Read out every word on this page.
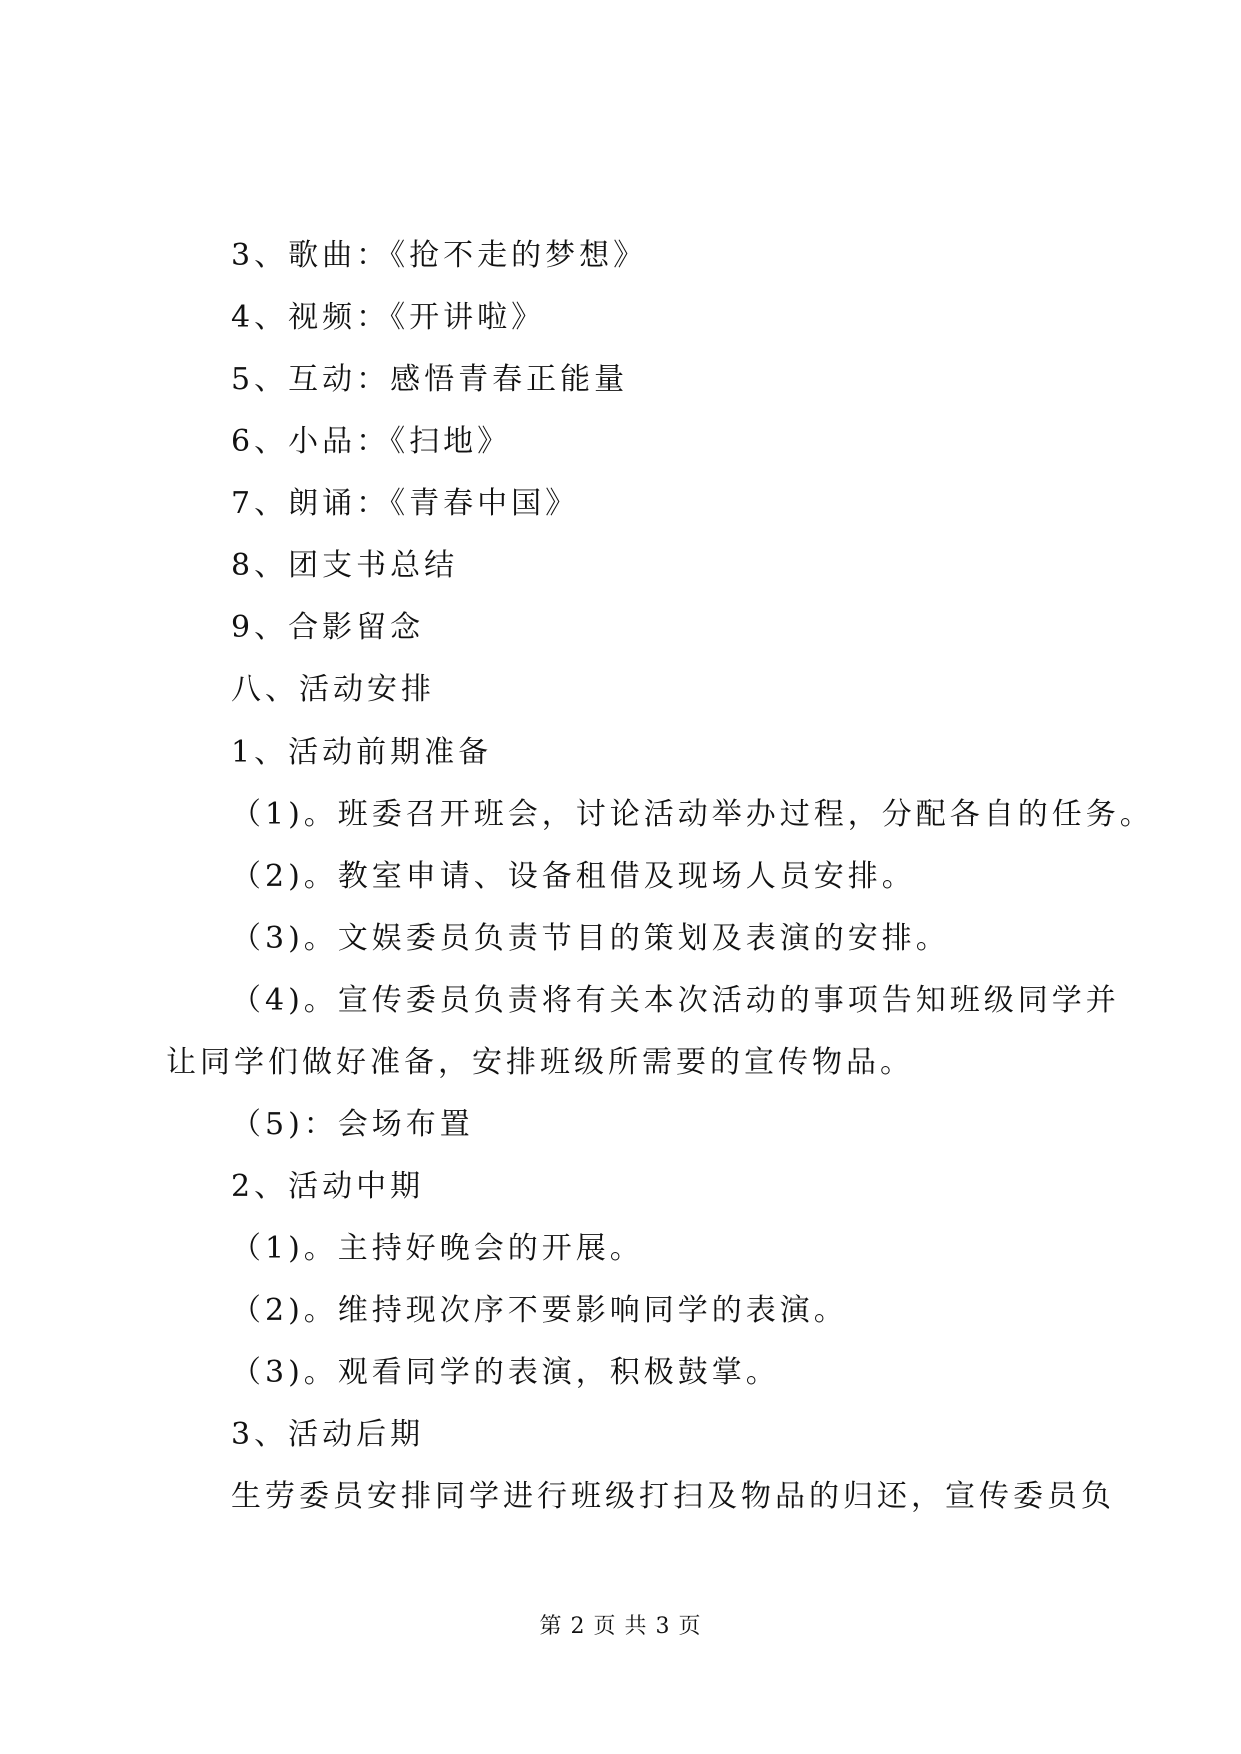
3、歌曲：《抢不走的梦想》
4、视频：《开讲啦》
5、互动：感悟青春正能量
6、小品：《扫地》
7、朗诵：《青春中国》
8、团支书总结
9、合影留念
八、活动安排
1、活动前期准备
（1)。班委召开班会，讨论活动举办过程，分配各自的任务。
（2)。教室申请、设备租借及现场人员安排。
（3)。文娱委员负责节目的策划及表演的安排。
（4)。宣传委员负责将有关本次活动的事项告知班级同学并
让同学们做好准备，安排班级所需要的宣传物品。
（5)：会场布置
2、活动中期
（1)。主持好晚会的开展。
（2)。维持现次序不要影响同学的表演。
（3)。观看同学的表演，积极鼓掌。
3、活动后期
生劳委员安排同学进行班级打扫及物品的归还，宣传委员负
第 2 页 共 3 页
